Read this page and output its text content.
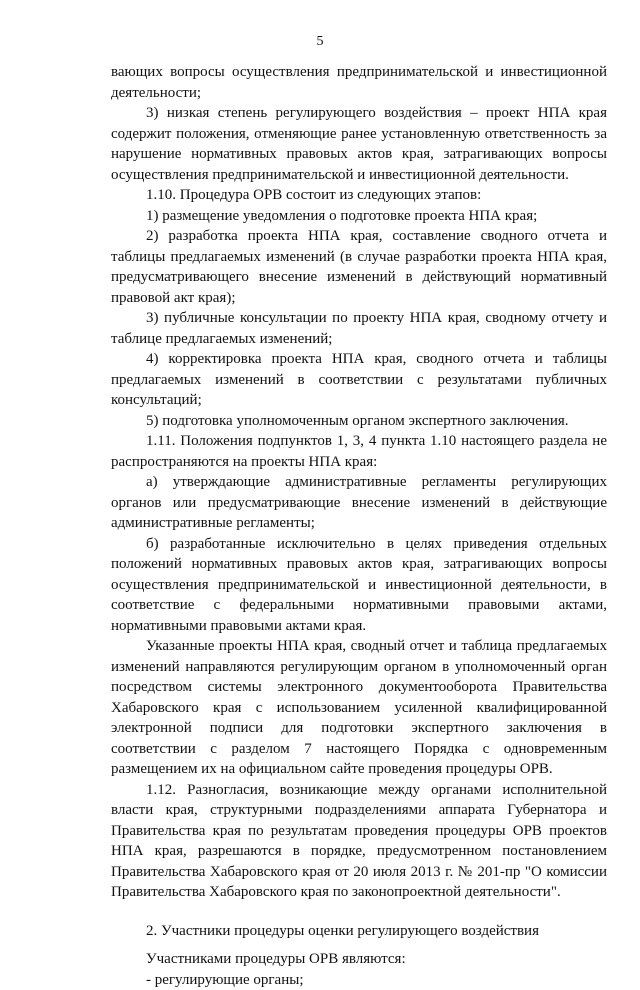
5

вающих вопросы осуществления предпринимательской и инвестиционной деятельности;

3) низкая степень регулирующего воздействия – проект НПА края содержит положения, отменяющие ранее установленную ответственность за нарушение нормативных правовых актов края, затрагивающих вопросы осуществления предпринимательской и инвестиционной деятельности.

1.10. Процедура ОРВ состоит из следующих этапов:

1) размещение уведомления о подготовке проекта НПА края;

2) разработка проекта НПА края, составление сводного отчета и таблицы предлагаемых изменений (в случае разработки проекта НПА края, предусматривающего внесение изменений в действующий нормативный правовой акт края);

3) публичные консультации по проекту НПА края, сводному отчету и таблице предлагаемых изменений;

4) корректировка проекта НПА края, сводного отчета и таблицы предлагаемых изменений в соответствии с результатами публичных консультаций;

5) подготовка уполномоченным органом экспертного заключения.

1.11. Положения подпунктов 1, 3, 4 пункта 1.10 настоящего раздела не распространяются на проекты НПА края:

а) утверждающие административные регламенты регулирующих органов или предусматривающие внесение изменений в действующие административные регламенты;

б) разработанные исключительно в целях приведения отдельных положений нормативных правовых актов края, затрагивающих вопросы осуществления предпринимательской и инвестиционной деятельности, в соответствие с федеральными нормативными правовыми актами, нормативными правовыми актами края.

Указанные проекты НПА края, сводный отчет и таблица предлагаемых изменений направляются регулирующим органом в уполномоченный орган посредством системы электронного документооборота Правительства Хабаровского края с использованием усиленной квалифицированной электронной подписи для подготовки экспертного заключения в соответствии с разделом 7 настоящего Порядка с одновременным размещением их на официальном сайте проведения процедуры ОРВ.

1.12. Разногласия, возникающие между органами исполнительной власти края, структурными подразделениями аппарата Губернатора и Правительства края по результатам проведения процедуры ОРВ проектов НПА края, разрешаются в порядке, предусмотренном постановлением Правительства Хабаровского края от 20 июля 2013 г. № 201-пр "О комиссии Правительства Хабаровского края по законопроектной деятельности".

2. Участники процедуры оценки регулирующего воздействия

Участниками процедуры ОРВ являются:

- регулирующие органы;
